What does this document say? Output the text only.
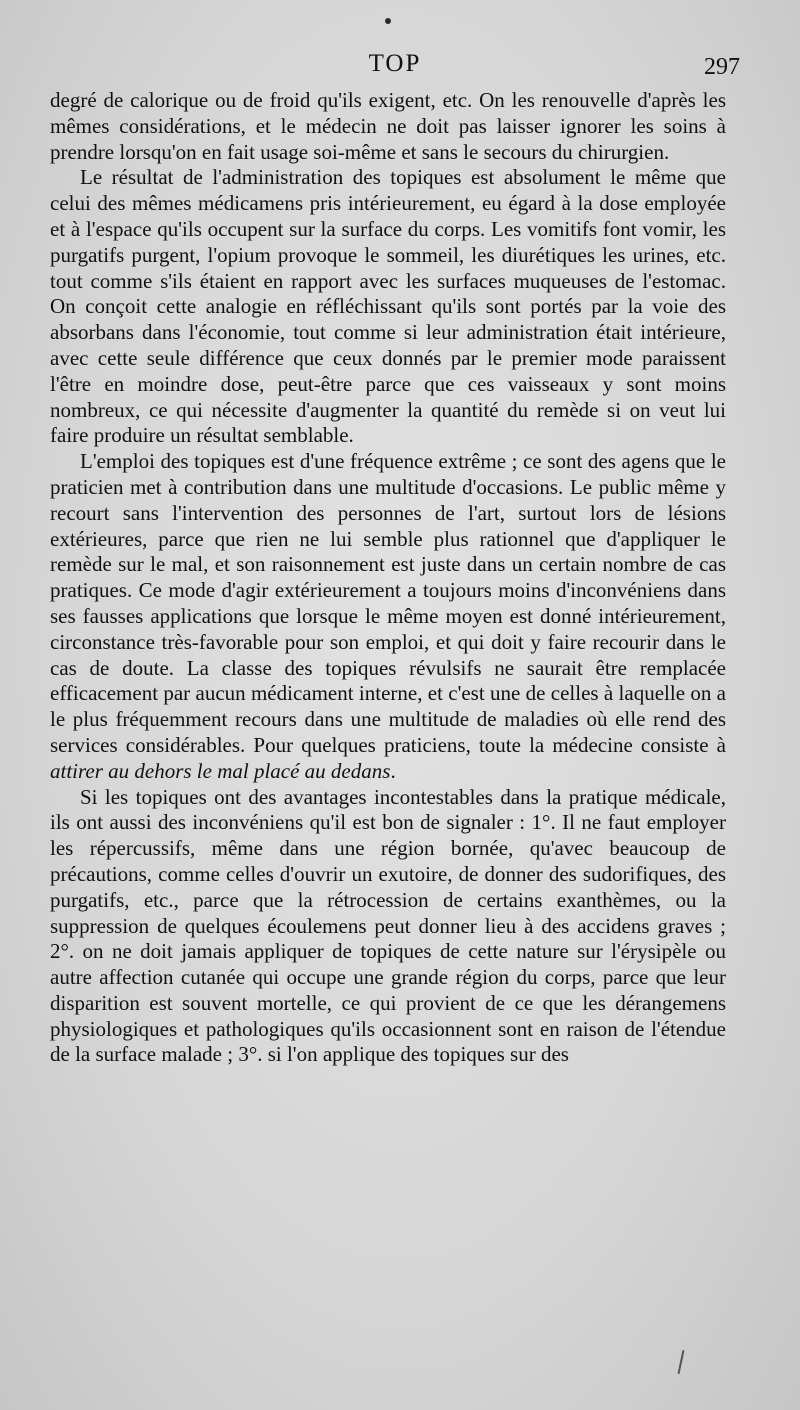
TOP	297

degré de calorique ou de froid qu'ils exigent, etc. On les renouvelle d'après les mêmes considérations, et le médecin ne doit pas laisser ignorer les soins à prendre lorsqu'on en fait usage soi-même et sans le secours du chirurgien.

Le résultat de l'administration des topiques est absolument le même que celui des mêmes médicamens pris intérieurement, eu égard à la dose employée et à l'espace qu'ils occupent sur la surface du corps. Les vomitifs font vomir, les purgatifs purgent, l'opium provoque le sommeil, les diurétiques les urines, etc. tout comme s'ils étaient en rapport avec les surfaces muqueuses de l'estomac. On conçoit cette analogie en réfléchissant qu'ils sont portés par la voie des absorbans dans l'économie, tout comme si leur administration était intérieure, avec cette seule différence que ceux donnés par le premier mode paraissent l'être en moindre dose, peut-être parce que ces vaisseaux y sont moins nombreux, ce qui nécessite d'augmenter la quantité du remède si on veut lui faire produire un résultat semblable.

L'emploi des topiques est d'une fréquence extrême ; ce sont des agens que le praticien met à contribution dans une multitude d'occasions. Le public même y recourt sans l'intervention des personnes de l'art, surtout lors de lésions extérieures, parce que rien ne lui semble plus rationnel que d'appliquer le remède sur le mal, et son raisonnement est juste dans un certain nombre de cas pratiques. Ce mode d'agir extérieurement a toujours moins d'inconvéniens dans ses fausses applications que lorsque le même moyen est donné intérieurement, circonstance très-favorable pour son emploi, et qui doit y faire recourir dans le cas de doute. La classe des topiques révulsifs ne saurait être remplacée efficacement par aucun médicament interne, et c'est une de celles à laquelle on a le plus fréquemment recours dans une multitude de maladies où elle rend des services considérables. Pour quelques praticiens, toute la médecine consiste à attirer au dehors le mal placé au dedans.

Si les topiques ont des avantages incontestables dans la pratique médicale, ils ont aussi des inconvéniens qu'il est bon de signaler : 1°. Il ne faut employer les répercussifs, même dans une région bornée, qu'avec beaucoup de précautions, comme celles d'ouvrir un exutoire, de donner des sudorifiques, des purgatifs, etc., parce que la rétrocession de certains exanthèmes, ou la suppression de quelques écoulemens peut donner lieu à des accidens graves ; 2°. on ne doit jamais appliquer de topiques de cette nature sur l'érysipèle ou autre affection cutanée qui occupe une grande région du corps, parce que leur disparition est souvent mortelle, ce qui provient de ce que les dérangemens physiologiques et pathologiques qu'ils occasionnent sont en raison de l'étendue de la surface malade ; 3°. si l'on applique des topiques sur des
